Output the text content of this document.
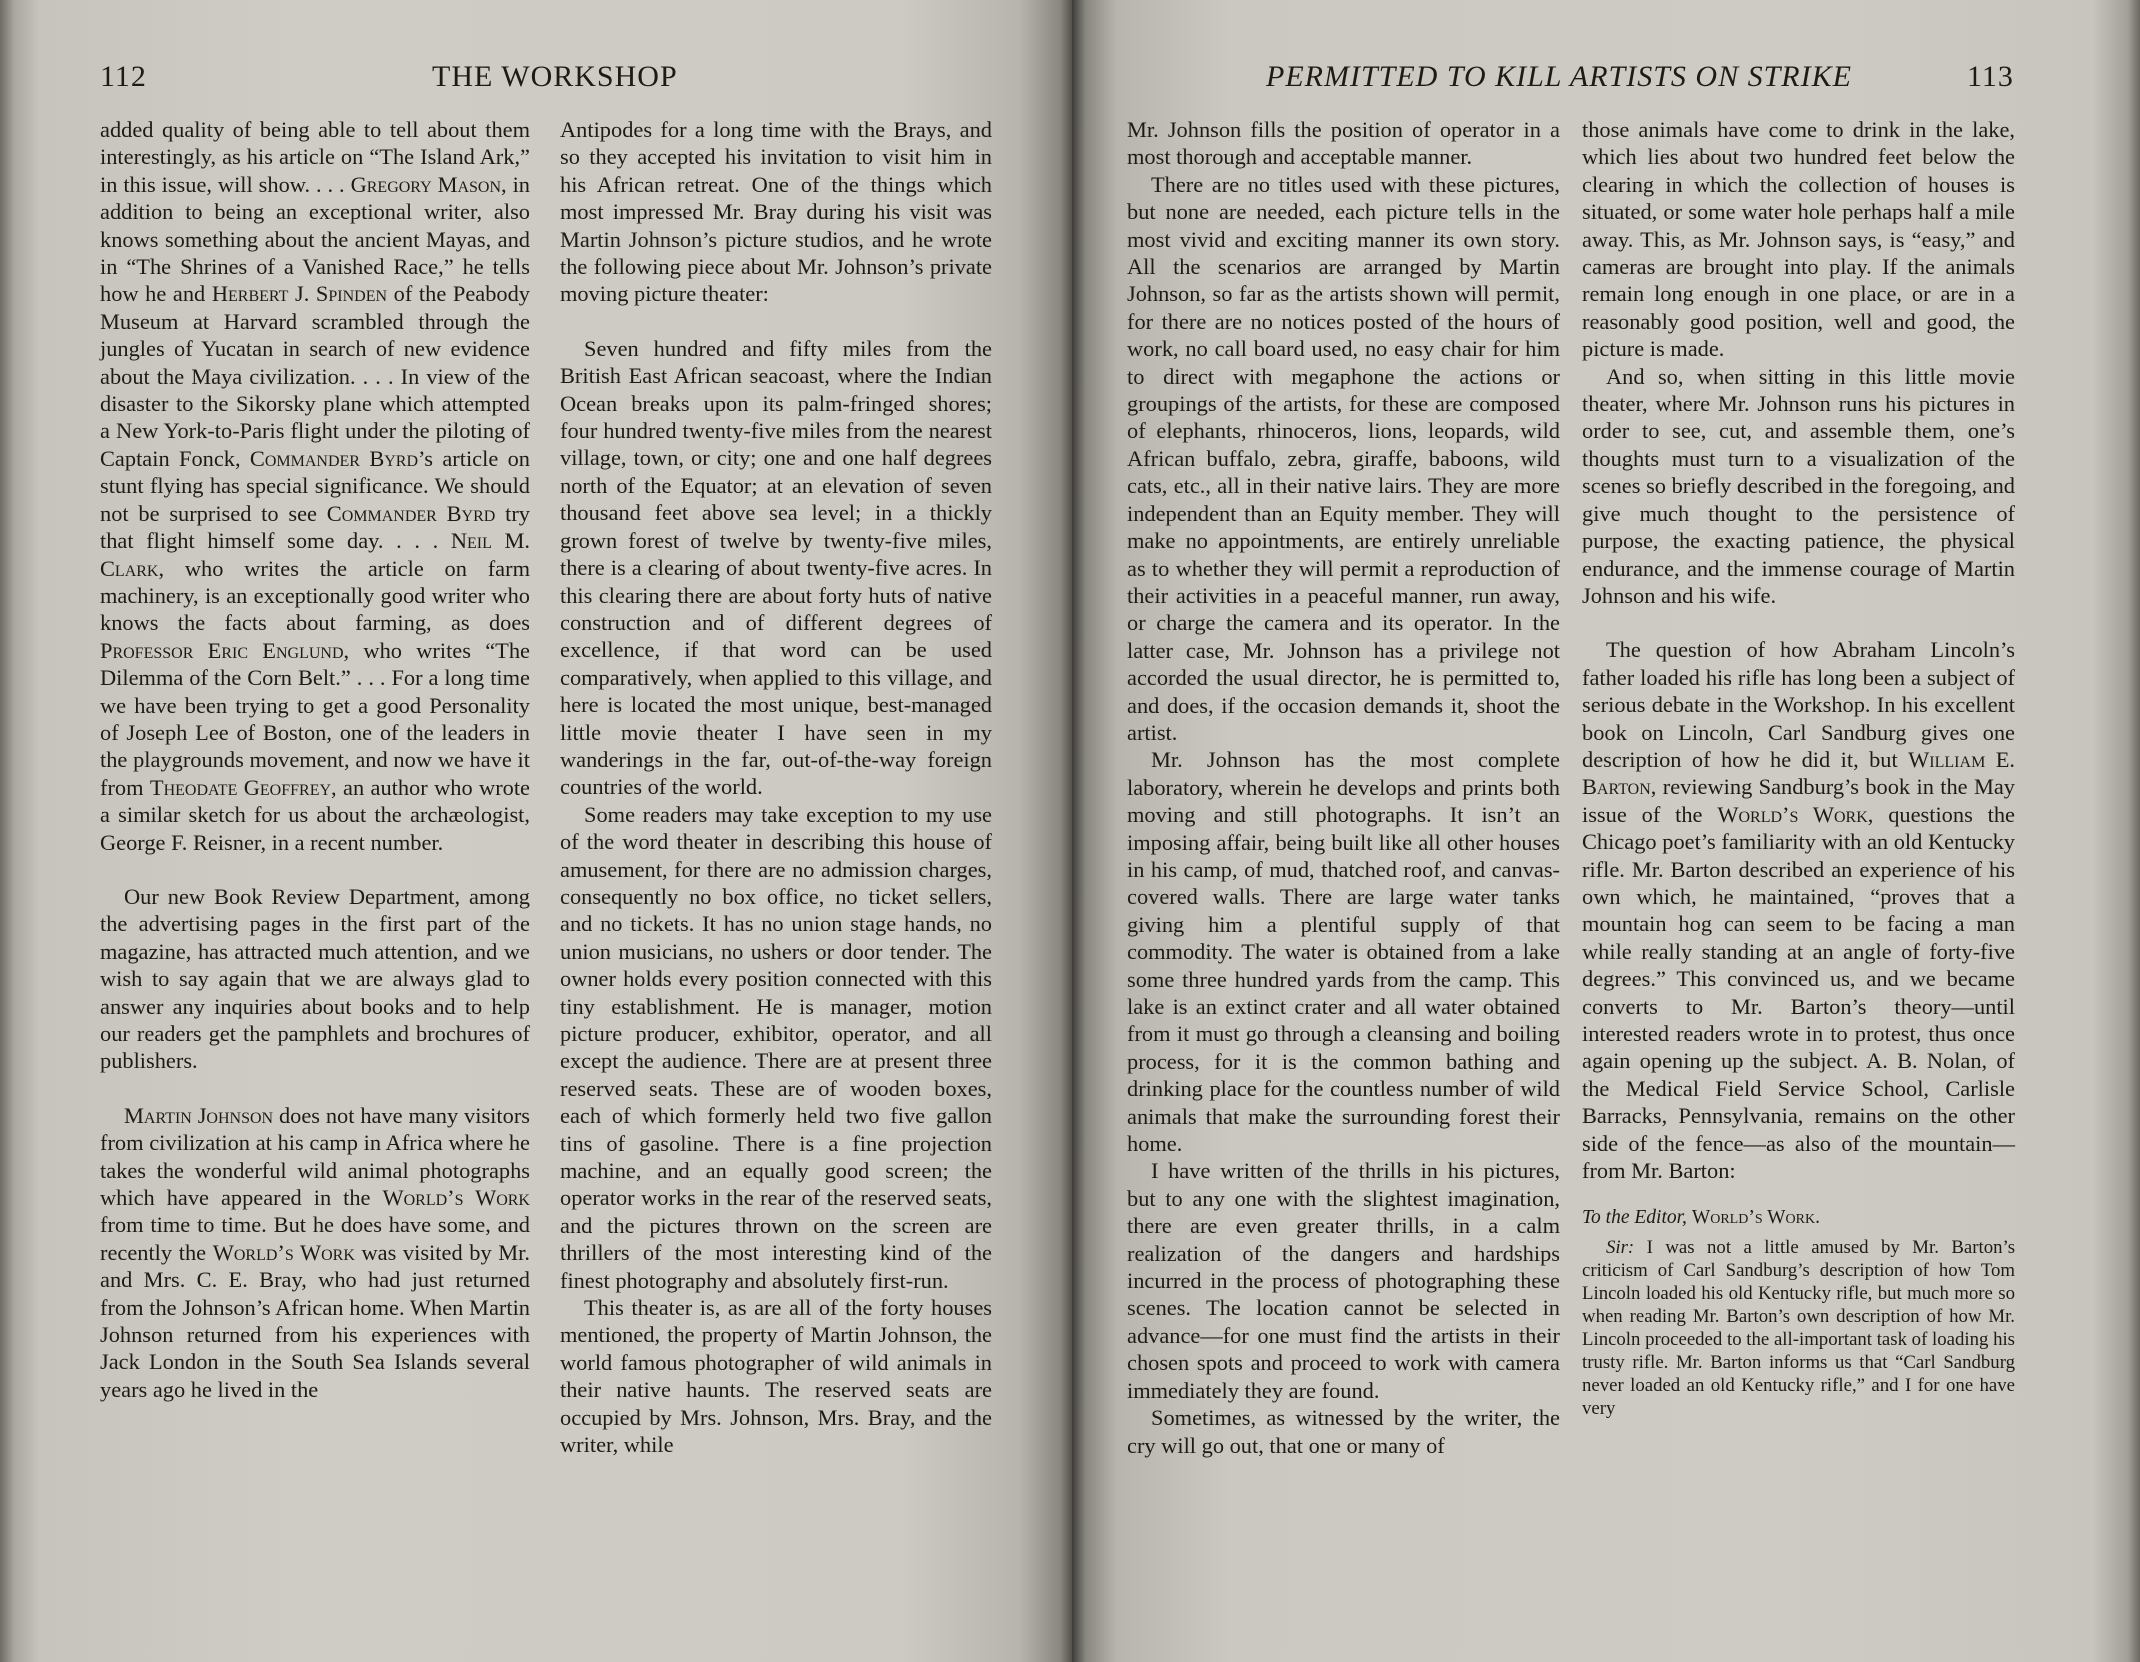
112	THE WORKSHOP

added quality of being able to tell about them interestingly, as his article on “The Island Ark,” in this issue, will show. . . . Gregory Mason, in addition to being an exceptional writer, also knows something about the ancient Mayas, and in “The Shrines of a Vanished Race,” he tells how he and Herbert J. Spinden of the Peabody Museum at Harvard scrambled through the jungles of Yucatan in search of new evidence about the Maya civilization. . . . In view of the disaster to the Sikorsky plane which attempted a New York-to-Paris flight under the piloting of Captain Fonck, Commander Byrd’s article on stunt flying has special significance. We should not be surprised to see Commander Byrd try that flight himself some day. . . . Neil M. Clark, who writes the article on farm machinery, is an exceptionally good writer who knows the facts about farming, as does Professor Eric Englund, who writes “The Dilemma of the Corn Belt.” . . . For a long time we have been trying to get a good Personality of Joseph Lee of Boston, one of the leaders in the playgrounds movement, and now we have it from Theodate Geoffrey, an author who wrote a similar sketch for us about the archæologist, George F. Reisner, in a recent number.

Our new Book Review Department, among the advertising pages in the first part of the magazine, has attracted much attention, and we wish to say again that we are always glad to answer any inquiries about books and to help our readers get the pamphlets and brochures of publishers.

Martin Johnson does not have many visitors from civilization at his camp in Africa where he takes the wonderful wild animal photographs which have appeared in the World’s Work from time to time. But he does have some, and recently the World’s Work was visited by Mr. and Mrs. C. E. Bray, who had just returned from the Johnson’s African home. When Martin Johnson returned from his experiences with Jack London in the South Sea Islands several years ago he lived in the

Antipodes for a long time with the Brays, and so they accepted his invitation to visit him in his African retreat. One of the things which most impressed Mr. Bray during his visit was Martin Johnson’s picture studios, and he wrote the following piece about Mr. Johnson’s private moving picture theater:

Seven hundred and fifty miles from the British East African seacoast, where the Indian Ocean breaks upon its palm-fringed shores; four hundred twenty-five miles from the nearest village, town, or city; one and one half degrees north of the Equator; at an elevation of seven thousand feet above sea level; in a thickly grown forest of twelve by twenty-five miles, there is a clearing of about twenty-five acres. In this clearing there are about forty huts of native construction and of different degrees of excellence, if that word can be used comparatively, when applied to this village, and here is located the most unique, best-managed little movie theater I have seen in my wanderings in the far, out-of-the-way foreign countries of the world.

Some readers may take exception to my use of the word theater in describing this house of amusement, for there are no admission charges, consequently no box office, no ticket sellers, and no tickets. It has no union stage hands, no union musicians, no ushers or door tender. The owner holds every position connected with this tiny establishment. He is manager, motion picture producer, exhibitor, operator, and all except the audience. There are at present three reserved seats. These are of wooden boxes, each of which formerly held two five gallon tins of gasoline. There is a fine projection machine, and an equally good screen; the operator works in the rear of the reserved seats, and the pictures thrown on the screen are thrillers of the most interesting kind of the finest photography and absolutely first-run.

This theater is, as are all of the forty houses mentioned, the property of Martin Johnson, the world famous photographer of wild animals in their native haunts. The reserved seats are occupied by Mrs. Johnson, Mrs. Bray, and the writer, while

PERMITTED TO KILL ARTISTS ON STRIKE	113

Mr. Johnson fills the position of operator in a most thorough and acceptable manner.

There are no titles used with these pictures, but none are needed, each picture tells in the most vivid and exciting manner its own story. All the scenarios are arranged by Martin Johnson, so far as the artists shown will permit, for there are no notices posted of the hours of work, no call board used, no easy chair for him to direct with megaphone the actions or groupings of the artists, for these are composed of elephants, rhinoceros, lions, leopards, wild African buffalo, zebra, giraffe, baboons, wild cats, etc., all in their native lairs. They are more independent than an Equity member. They will make no appointments, are entirely unreliable as to whether they will permit a reproduction of their activities in a peaceful manner, run away, or charge the camera and its operator. In the latter case, Mr. Johnson has a privilege not accorded the usual director, he is permitted to, and does, if the occasion demands it, shoot the artist.

Mr. Johnson has the most complete laboratory, wherein he develops and prints both moving and still photographs. It isn’t an imposing affair, being built like all other houses in his camp, of mud, thatched roof, and canvas-covered walls. There are large water tanks giving him a plentiful supply of that commodity. The water is obtained from a lake some three hundred yards from the camp. This lake is an extinct crater and all water obtained from it must go through a cleansing and boiling process, for it is the common bathing and drinking place for the countless number of wild animals that make the surrounding forest their home.

I have written of the thrills in his pictures, but to any one with the slightest imagination, there are even greater thrills, in a calm realization of the dangers and hardships incurred in the process of photographing these scenes. The location cannot be selected in advance—for one must find the artists in their chosen spots and proceed to work with camera immediately they are found.

Sometimes, as witnessed by the writer, the cry will go out, that one or many of

those animals have come to drink in the lake, which lies about two hundred feet below the clearing in which the collection of houses is situated, or some water hole perhaps half a mile away. This, as Mr. Johnson says, is “easy,” and cameras are brought into play. If the animals remain long enough in one place, or are in a reasonably good position, well and good, the picture is made.

And so, when sitting in this little movie theater, where Mr. Johnson runs his pictures in order to see, cut, and assemble them, one’s thoughts must turn to a visualization of the scenes so briefly described in the foregoing, and give much thought to the persistence of purpose, the exacting patience, the physical endurance, and the immense courage of Martin Johnson and his wife.

The question of how Abraham Lincoln’s father loaded his rifle has long been a subject of serious debate in the Workshop. In his excellent book on Lincoln, Carl Sandburg gives one description of how he did it, but William E. Barton, reviewing Sandburg’s book in the May issue of the World’s Work, questions the Chicago poet’s familiarity with an old Kentucky rifle. Mr. Barton described an experience of his own which, he maintained, “proves that a mountain hog can seem to be facing a man while really standing at an angle of forty-five degrees.” This convinced us, and we became converts to Mr. Barton’s theory—until interested readers wrote in to protest, thus once again opening up the subject. A. B. Nolan, of the Medical Field Service School, Carlisle Barracks, Pennsylvania, remains on the other side of the fence—as also of the mountain—from Mr. Barton:

To the Editor, World’s Work.

Sir: I was not a little amused by Mr. Barton’s criticism of Carl Sandburg’s description of how Tom Lincoln loaded his old Kentucky rifle, but much more so when reading Mr. Barton’s own description of how Mr. Lincoln proceeded to the all-important task of loading his trusty rifle. Mr. Barton informs us that “Carl Sandburg never loaded an old Kentucky rifle,” and I for one have very
